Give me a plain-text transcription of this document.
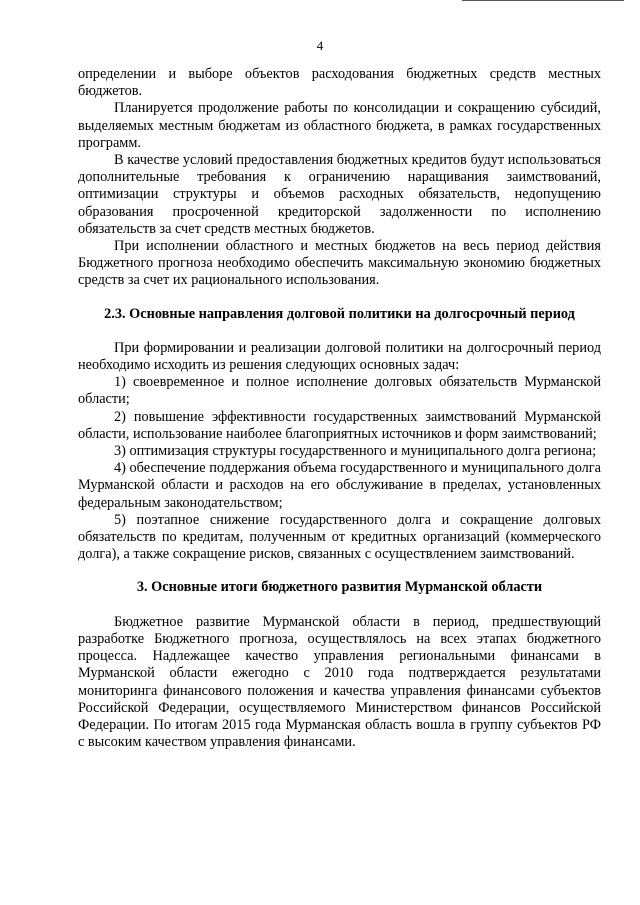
4

определении и выборе объектов расходования бюджетных средств местных бюджетов.

Планируется продолжение работы по консолидации и сокращению субсидий, выделяемых местным бюджетам из областного бюджета, в рамках государственных программ.

В качестве условий предоставления бюджетных кредитов будут использоваться дополнительные требования к ограничению наращивания заимствований, оптимизации структуры и объемов расходных обязательств, недопущению образования просроченной кредиторской задолженности по исполнению обязательств за счет средств местных бюджетов.

При исполнении областного и местных бюджетов на весь период действия Бюджетного прогноза необходимо обеспечить максимальную экономию бюджетных средств за счет их рационального использования.

2.3. Основные направления долговой политики на долгосрочный период

При формировании и реализации долговой политики на долгосрочный период необходимо исходить из решения следующих основных задач:

1) своевременное и полное исполнение долговых обязательств Мурманской области;

2) повышение эффективности государственных заимствований Мурманской области, использование наиболее благоприятных источников и форм заимствований;

3) оптимизация структуры государственного и муниципального долга региона;

4) обеспечение поддержания объема государственного и муниципального долга Мурманской области и расходов на его обслуживание в пределах, установленных федеральным законодательством;

5) поэтапное снижение государственного долга и сокращение долговых обязательств по кредитам, полученным от кредитных организаций (коммерческого долга), а также сокращение рисков, связанных с осуществлением заимствований.

3. Основные итоги бюджетного развития Мурманской области

Бюджетное развитие Мурманской области в период, предшествующий разработке Бюджетного прогноза, осуществлялось на всех этапах бюджетного процесса. Надлежащее качество управления региональными финансами в Мурманской области ежегодно с 2010 года подтверждается результатами мониторинга финансового положения и качества управления финансами субъектов Российской Федерации, осуществляемого Министерством финансов Российской Федерации. По итогам 2015 года Мурманская область вошла в группу субъектов РФ с высоким качеством управления финансами.
